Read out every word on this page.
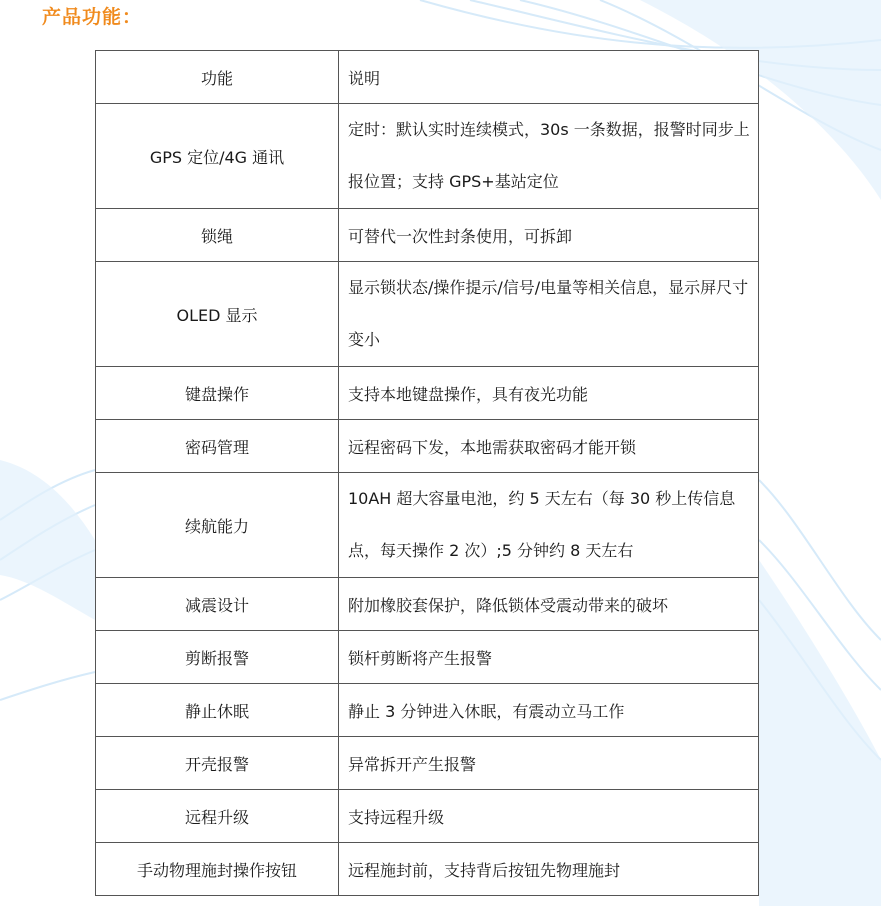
产品功能：
功能	说明
GPS 定位/4G 通讯	定时：默认实时连续模式，30s 一条数据，报警时同步上报位置；支持 GPS+基站定位
锁绳	可替代一次性封条使用，可拆卸
OLED 显示	显示锁状态/操作提示/信号/电量等相关信息，显示屏尺寸变小
键盘操作	支持本地键盘操作，具有夜光功能
密码管理	远程密码下发，本地需获取密码才能开锁
续航能力	10AH 超大容量电池，约 5 天左右（每 30 秒上传信息点，每天操作 2 次）;5 分钟约 8 天左右
减震设计	附加橡胶套保护，降低锁体受震动带来的破坏
剪断报警	锁杆剪断将产生报警
静止休眠	静止 3 分钟进入休眠，有震动立马工作
开壳报警	异常拆开产生报警
远程升级	支持远程升级
手动物理施封操作按钮	远程施封前，支持背后按钮先物理施封
